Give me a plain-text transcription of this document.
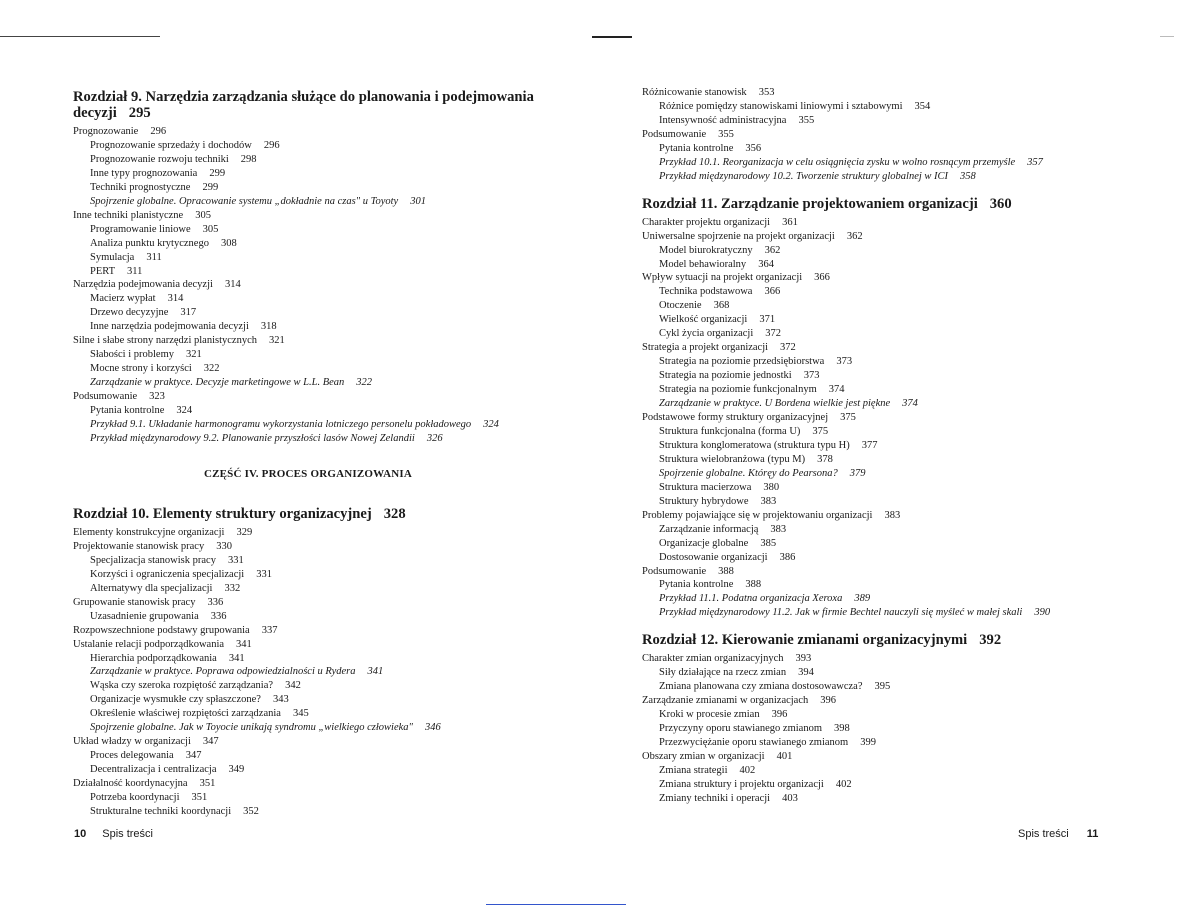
Rozdział 9. Narzędzia zarządzania służące do planowania i podejmowania decyzji 295
Prognozowanie 296
Prognozowanie sprzedaży i dochodów 296
Prognozowanie rozwoju techniki 298
Inne typy prognozowania 299
Techniki prognostyczne 299
Spojrzenie globalne. Opracowanie systemu „dokładnie na czas" u Toyoty 301
Inne techniki planistyczne 305
Programowanie liniowe 305
Analiza punktu krytycznego 308
Symulacja 311
PERT 311
Narzędzia podejmowania decyzji 314
Macierz wypłat 314
Drzewo decyzyjne 317
Inne narzędzia podejmowania decyzji 318
Silne i słabe strony narzędzi planistycznych 321
Słabości i problemy 321
Mocne strony i korzyści 322
Zarządzanie w praktyce. Decyzje marketingowe w L.L. Bean 322
Podsumowanie 323
Pytania kontrolne 324
Przykład 9.1. Układanie harmonogramu wykorzystania lotniczego personelu pokładowego 324
Przykład międzynarodowy 9.2. Planowanie przyszłości lasów Nowej Zelandii 326
CZĘŚĆ IV. PROCES ORGANIZOWANIA
Rozdział 10. Elementy struktury organizacyjnej 328
Elementy konstrukcyjne organizacji 329
Projektowanie stanowisk pracy 330
Specjalizacja stanowisk pracy 331
Korzyści i ograniczenia specjalizacji 331
Alternatywy dla specjalizacji 332
Grupowanie stanowisk pracy 336
Uzasadnienie grupowania 336
Rozpowszechnione podstawy grupowania 337
Ustalanie relacji podporządkowania 341
Hierarchia podporządkowania 341
Zarządzanie w praktyce. Poprawa odpowiedzialności u Rydera 341
Wąska czy szeroka rozpiętość zarządzania? 342
Organizacje wysmukłe czy spłaszczone? 343
Określenie właściwej rozpiętości zarządzania 345
Spojrzenie globalne. Jak w Toyocie unikają syndromu „wielkiego człowieka" 346
Układ władzy w organizacji 347
Proces delegowania 347
Decentralizacja i centralizacja 349
Działalność koordynacyjna 351
Potrzeba koordynacji 351
Strukturalne techniki koordynacji 352
10 Spis treści
Różnicowanie stanowisk 353
Różnice pomiędzy stanowiskami liniowymi i sztabowymi 354
Intensywność administracyjna 355
Podsumowanie 355
Pytania kontrolne 356
Przykład 10.1. Reorganizacja w celu osiągnięcia zysku w wolno rosnącym przemyśle 357
Przykład międzynarodowy 10.2. Tworzenie struktury globalnej w ICI 358
Rozdział 11. Zarządzanie projektowaniem organizacji 360
Charakter projektu organizacji 361
Uniwersalne spojrzenie na projekt organizacji 362
Model biurokratyczny 362
Model behawioralny 364
Wpływ sytuacji na projekt organizacji 366
Technika podstawowa 366
Otoczenie 368
Wielkość organizacji 371
Cykl życia organizacji 372
Strategia a projekt organizacji 372
Strategia na poziomie przedsiębiorstwa 373
Strategia na poziomie jednostki 373
Strategia na poziomie funkcjonalnym 374
Zarządzanie w praktyce. U Bordena wielkie jest piękne 374
Podstawowe formy struktury organizacyjnej 375
Struktura funkcjonalna (forma U) 375
Struktura konglomeratowa (struktura typu H) 377
Struktura wielobranżowa (typu M) 378
Spojrzenie globalne. Któręy do Pearsona? 379
Struktura macierzowa 380
Struktury hybrydowe 383
Problemy pojawiające się w projektowaniu organizacji 383
Zarządzanie informacją 383
Organizacje globalne 385
Dostosowanie organizacji 386
Podsumowanie 388
Pytania kontrolne 388
Przykład 11.1. Podatna organizacja Xeroxa 389
Przykład międzynarodowy 11.2. Jak w firmie Bechtel nauczyli się myśleć w małej skali 390
Rozdział 12. Kierowanie zmianami organizacyjnymi 392
Charakter zmian organizacyjnych 393
Siły działające na rzecz zmian 394
Zmiana planowana czy zmiana dostosowawcza? 395
Zarządzanie zmianami w organizacjach 396
Kroki w procesie zmian 396
Przyczyny oporu stawianego zmianom 398
Przezwyciężanie oporu stawianego zmianom 399
Obszary zmian w organizacji 401
Zmiana strategii 402
Zmiana struktury i projektu organizacji 402
Zmiany techniki i operacji 403
Spis treści 11
